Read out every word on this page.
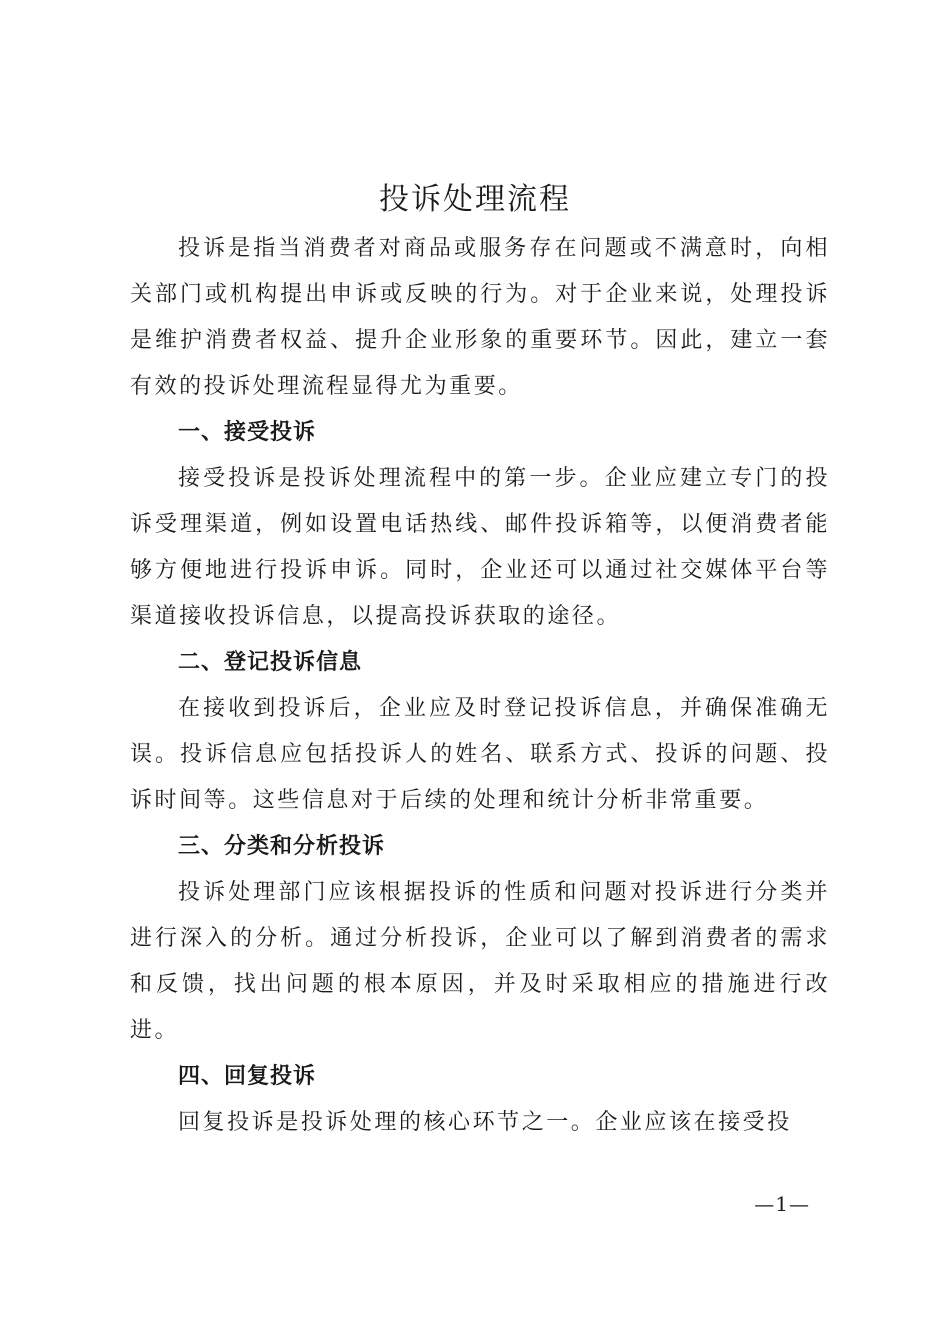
投诉处理流程

投诉是指当消费者对商品或服务存在问题或不满意时，向相关部门或机构提出申诉或反映的行为。对于企业来说，处理投诉是维护消费者权益、提升企业形象的重要环节。因此，建立一套有效的投诉处理流程显得尤为重要。

一、接受投诉

接受投诉是投诉处理流程中的第一步。企业应建立专门的投诉受理渠道，例如设置电话热线、邮件投诉箱等，以便消费者能够方便地进行投诉申诉。同时，企业还可以通过社交媒体平台等渠道接收投诉信息，以提高投诉获取的途径。

二、登记投诉信息

在接收到投诉后，企业应及时登记投诉信息，并确保准确无误。投诉信息应包括投诉人的姓名、联系方式、投诉的问题、投诉时间等。这些信息对于后续的处理和统计分析非常重要。

三、分类和分析投诉

投诉处理部门应该根据投诉的性质和问题对投诉进行分类并进行深入的分析。通过分析投诉，企业可以了解到消费者的需求和反馈，找出问题的根本原因，并及时采取相应的措施进行改进。

四、回复投诉

回复投诉是投诉处理的核心环节之一。企业应该在接受投

—1—
